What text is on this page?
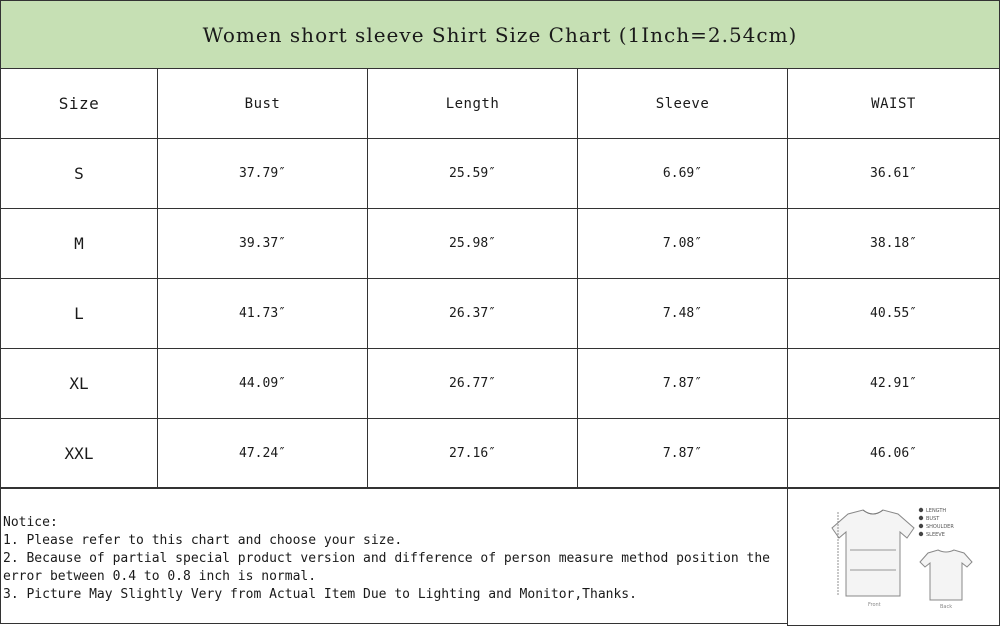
Women short sleeve Shirt Size Chart (1Inch=2.54cm)
Size	Bust	Length	Sleeve	WAIST
S	37.79″	25.59″	6.69″	36.61″
M	39.37″	25.98″	7.08″	38.18″
L	41.73″	26.37″	7.48″	40.55″
XL	44.09″	26.77″	7.87″	42.91″
XXL	47.24″	27.16″	7.87″	46.06″
Notice:
1. Please refer to this chart and choose your size.
2. Because of partial special product version and difference of person measure method position the error between 0.4 to 0.8 inch is normal.
3. Picture May Slightly Very from Actual Item Due to Lighting and Monitor,Thanks.
LENGTH
BUST
SHOULDER
SLEEVE
Front	Back
